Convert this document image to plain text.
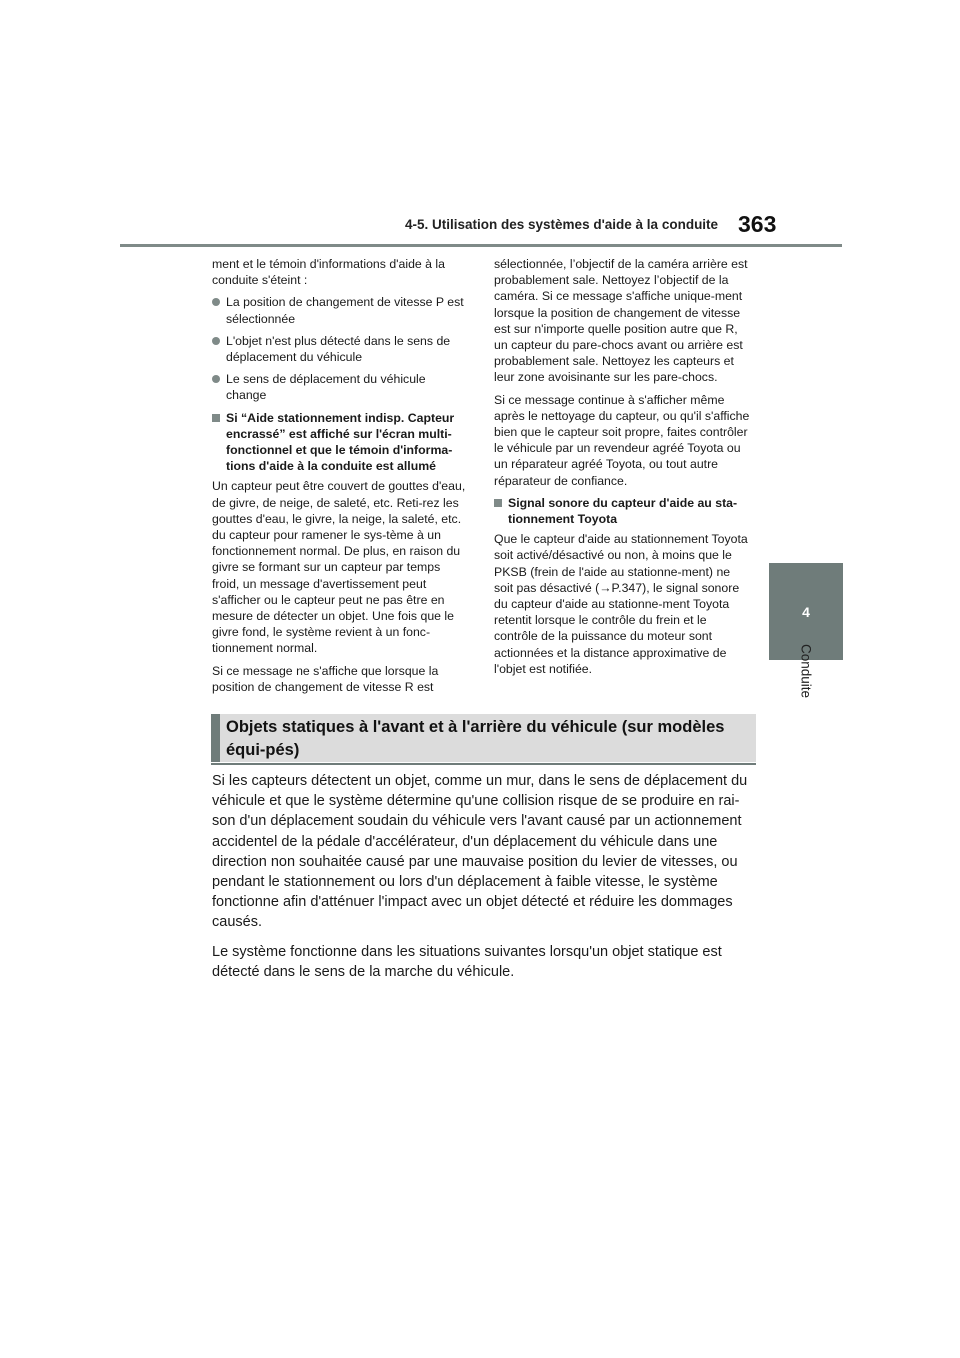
4-5. Utilisation des systèmes d'aide à la conduite 363
4
Conduite

ment et le témoin d'informations d'aide à la conduite s'éteint :

La position de changement de vitesse P est sélectionnée
L'objet n'est plus détecté dans le sens de déplacement du véhicule
Le sens de déplacement du véhicule change
Si “Aide stationnement indisp. Capteur encrassé” est affiché sur l'écran multi-fonctionnel et que le témoin d'informa-tions d'aide à la conduite est allumé

Un capteur peut être couvert de gouttes d'eau, de givre, de neige, de saleté, etc. Reti-rez les gouttes d'eau, le givre, la neige, la saleté, etc. du capteur pour ramener le sys-tème à un fonctionnement normal. De plus, en raison du givre se formant sur un capteur par temps froid, un message d'avertissement peut s'afficher ou le capteur peut ne pas être en mesure de détecter un objet. Une fois que le givre fond, le système revient à un fonc-tionnement normal.

Si ce message ne s'affiche que lorsque la position de changement de vitesse R est

sélectionnée, l’objectif de la caméra arrière est probablement sale. Nettoyez l’objectif de la caméra. Si ce message s'affiche unique-ment lorsque la position de changement de vitesse est sur n'importe quelle position autre que R, un capteur du pare-chocs avant ou arrière est probablement sale. Nettoyez les capteurs et leur zone avoisinante sur les pare-chocs.

Si ce message continue à s'afficher même après le nettoyage du capteur, ou qu'il s'affiche bien que le capteur soit propre, faites contrôler le véhicule par un revendeur agréé Toyota ou un réparateur agréé Toyota, ou tout autre réparateur de confiance.

Signal sonore du capteur d'aide au sta-tionnement Toyota

Que le capteur d'aide au stationnement Toyota soit activé/désactivé ou non, à moins que le PKSB (frein de l'aide au stationne-ment) ne soit pas désactivé (→P.347), le signal sonore du capteur d'aide au stationne-ment Toyota retentit lorsque le contrôle du frein et le contrôle de la puissance du moteur sont actionnées et la distance approximative de l'objet est notifiée.

Objets statiques à l'avant et à l'arrière du véhicule (sur modèles équi-pés)

Si les capteurs détectent un objet, comme un mur, dans le sens de déplacement du véhicule et que le système détermine qu'une collision risque de se produire en rai-son d'un déplacement soudain du véhicule vers l'avant causé par un actionnement accidentel de la pédale d'accélérateur, d'un déplacement du véhicule dans une direction non souhaitée causé par une mauvaise position du levier de vitesses, ou pendant le stationnement ou lors d'un déplacement à faible vitesse, le système fonctionne afin d'atténuer l'impact avec un objet détecté et réduire les dommages causés.

Le système fonctionne dans les situations suivantes lorsqu'un objet statique est détecté dans le sens de la marche du véhicule.
